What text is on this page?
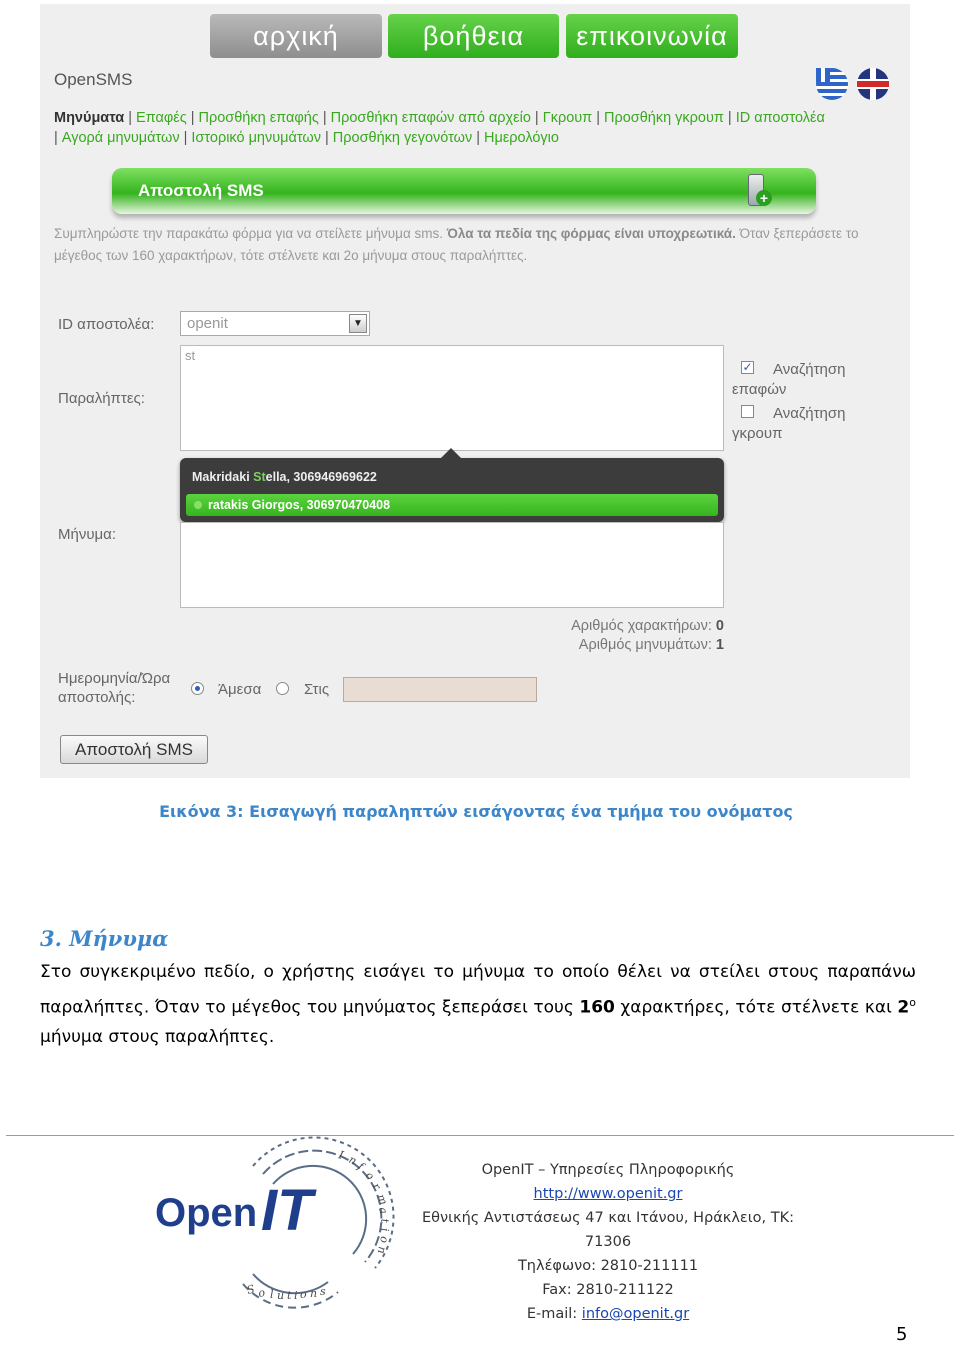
αρχική	βοήθεια	επικοινωνία
OpenSMS
Μηνύματα | Επαφές | Προσθήκη επαφής | Προσθήκη επαφών από αρχείο | Γκρουπ | Προσθήκη γκρουπ | ID αποστολέα
| Αγορά μηνυμάτων | Ιστορικό μηνυμάτων | Προσθήκη γεγονότων | Ημερολόγιο
Αποστολή SMS	+
Συμπληρώστε την παρακάτω φόρμα για να στείλετε μήνυμα sms. Όλα τα πεδία της φόρμας είναι υποχρεωτικά. Όταν ξεπεράσετε το μέγεθος των 160 χαρακτήρων, τότε στέλνετε και 2ο μήνυμα στους παραλήπτες.
ID αποστολέα: openit	▼
Παραλήπτες:
st
✓	Αναζήτηση επαφών
Αναζήτηση γκρουπ
Makridaki Stella, 306946969622
ratakis Giorgos, 306970470408
Μήνυμα:
Αριθμός χαρακτήρων: 0
Αριθμός μηνυμάτων: 1
Ημερομηνία/Ώρα αποστολής:	Άμεσα	Στις
Αποστολή SMS
Εικόνα 3: Εισαγωγή παραληπτών εισάγοντας ένα τμήμα του ονόματος
3. Μήνυμα
Στο συγκεκριμένο πεδίο, ο χρήστης εισάγει το μήνυμα το οποίο θέλει να στείλει στους παραπάνω παραλήπτες. Όταν το μέγεθος του μηνύματος ξεπεράσει τους 160 χαρακτήρες, τότε στέλνετε και $2^o$ μήνυμα στους παραλήπτες.
I n
f
o
r
m
a
t
i
o
n
S o l u t i o n s
Open IT
OpenIT – Υπηρεσίες Πληροφορικής
http://www.openit.gr
Εθνικής Αντιστάσεως 47 και Ιτάνου, Ηράκλειο, ΤΚ: 71306
Τηλέφωνο: 2810-211111
Fax: 2810-211122
E-mail: info@openit.gr
5
